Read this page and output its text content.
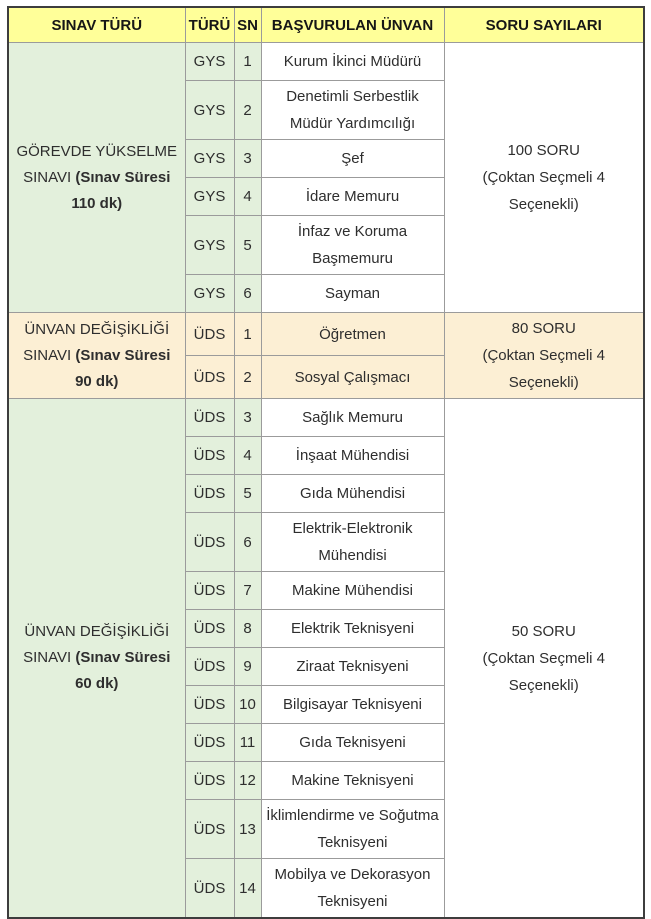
SINAV TÜRÜ	TÜRÜ	SN	BAŞVURULAN ÜNVAN	SORU SAYILARI
GÖREVDE YÜKSELME SINAVI (Sınav Süresi 110 dk)	GYS	1	Kurum İkinci Müdürü	100 SORU
(Çoktan Seçmeli 4 Seçenekli)

	GYS	2	Denetimli Serbestlik Müdür Yardımcılığı	
	GYS	3	Şef	
	GYS	4	İdare Memuru	
	GYS	5	İnfaz ve Koruma Başmemuru	
	GYS	6	Sayman	
ÜNVAN DEĞİŞİKLİĞİ SINAVI (Sınav Süresi 90 dk)	ÜDS	1	Öğretmen	80 SORU
(Çoktan Seçmeli 4 Seçenekli)

	ÜDS	2	Sosyal Çalışmacı	
ÜNVAN DEĞİŞİKLİĞİ SINAVI (Sınav Süresi 60 dk)	ÜDS	3	Sağlık Memuru	50 SORU
(Çoktan Seçmeli 4 Seçenekli)

	ÜDS	4	İnşaat Mühendisi	
	ÜDS	5	Gıda Mühendisi	
	ÜDS	6	Elektrik-Elektronik Mühendisi	
	ÜDS	7	Makine Mühendisi	
	ÜDS	8	Elektrik Teknisyeni	
	ÜDS	9	Ziraat Teknisyeni	
	ÜDS	10	Bilgisayar Teknisyeni	
	ÜDS	11	Gıda Teknisyeni	
	ÜDS	12	Makine Teknisyeni	
	ÜDS	13	İklimlendirme ve Soğutma Teknisyeni	
	ÜDS	14	Mobilya ve Dekorasyon Teknisyeni	
